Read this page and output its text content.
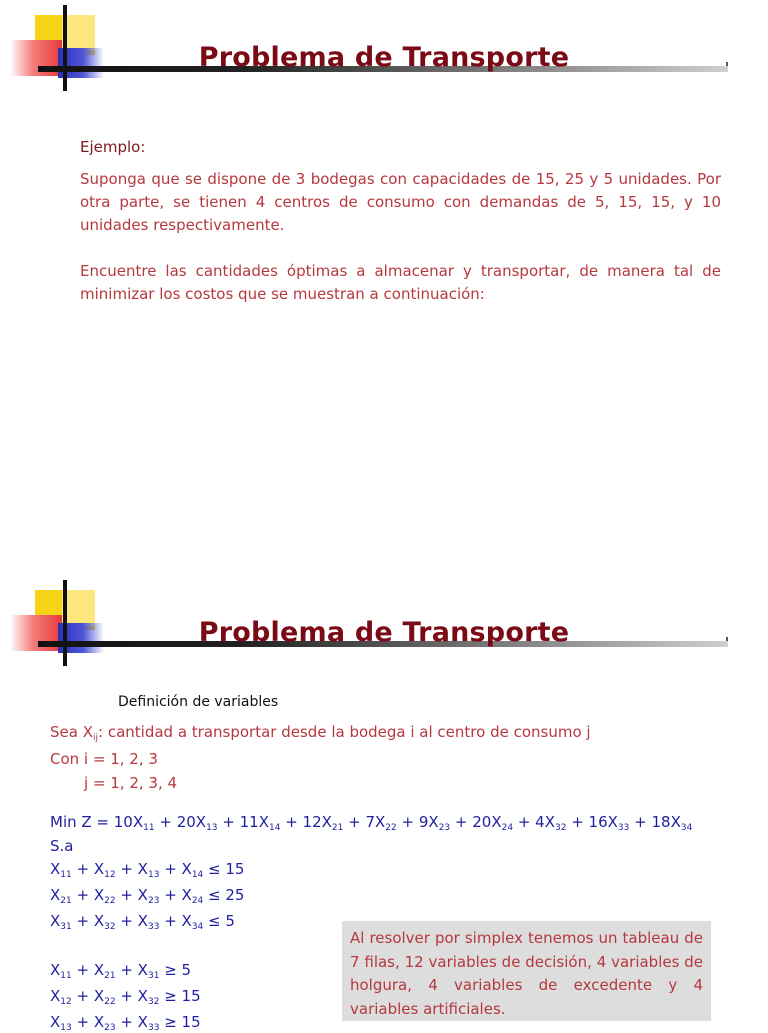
Problema de Transporte
Ejemplo:
Suponga que se dispone de 3 bodegas con capacidades de 15, 25 y 5 unidades. Por otra parte, se tienen 4 centros de consumo con demandas de 5, 15, 15, y 10 unidades respectivamente.
Encuentre las cantidades óptimas a almacenar y transportar, de manera tal de minimizar los costos que se muestran a continuación:
Problema de Transporte
Definición de variables
Sea $X_{ij}$: cantidad a transportar desde la bodega i al centro de consumo j
Con i = 1, 2, 3
j = 1, 2, 3, 4
Min $Z = 10X_{11} + 20X_{13} + 11X_{14} + 12X_{21} + 7X_{22} + 9X_{23} + 20X_{24} + 4X_{32} + 16X_{33} + 18X_{34}$
S.a
$X_{11} + X_{12} + X_{13} + X_{14} \le 15$
$X_{21} + X_{22} + X_{23} + X_{24} \le 25$
$X_{31} + X_{32} + X_{33} + X_{34} \le 5$
$X_{11} + X_{21} + X_{31} \ge 5$
$X_{12} + X_{22} + X_{32} \ge 15$
$X_{13} + X_{23} + X_{33} \ge 15$
Al resolver por simplex tenemos un tableau de 7 filas, 12 variables de decisión, 4 variables de holgura, 4 variables de excedente y 4 variables artificiales.
